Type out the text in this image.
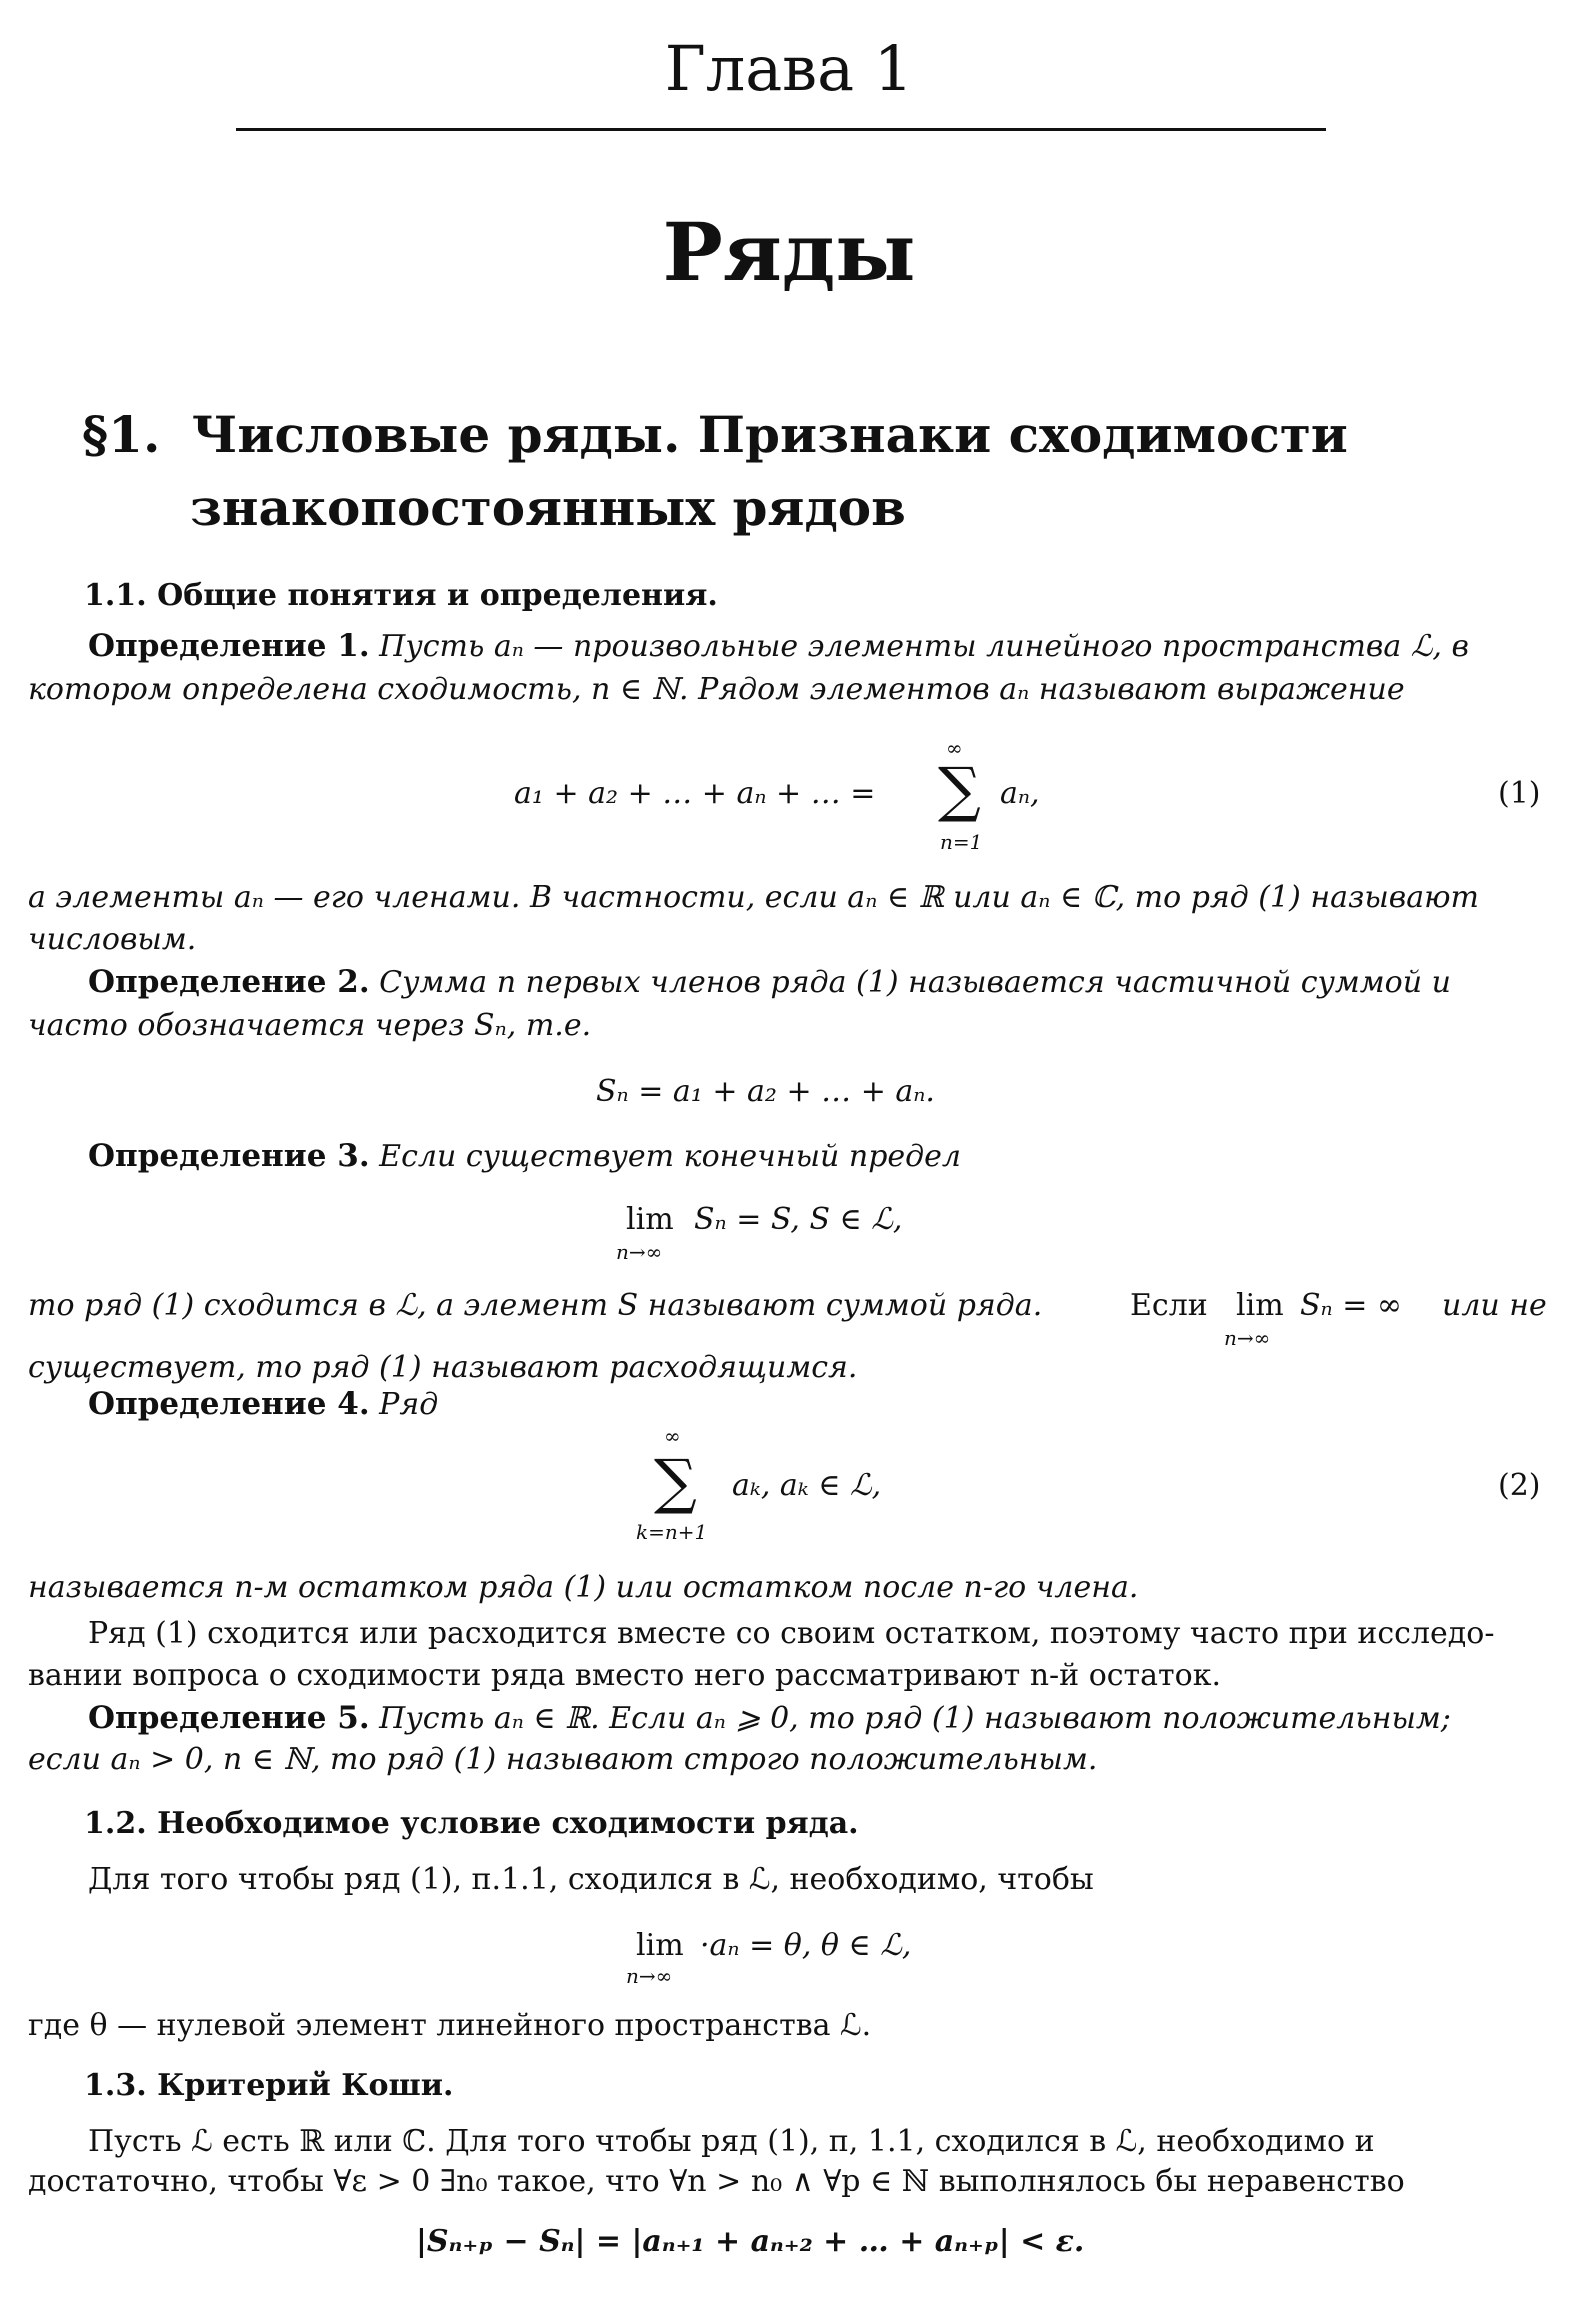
Глава 1
Ряды
§1. Числовые ряды. Признаки сходимости
знакопостоянных рядов
1.1. Общие понятия и определения.
Определение 1. Пусть aₙ — произвольные элементы линейного пространства ℒ, в
котором определена сходимость, n ∈ ℕ. Рядом элементов aₙ называют выражение
∞
a₁ + a₂ + … + aₙ + … = ∑ aₙ,
n=1
(1)
а элементы aₙ — его членами. В частности, если aₙ ∈ ℝ или aₙ ∈ ℂ, то ряд (1) называют
числовым.
Определение 2. Сумма n первых членов ряда (1) называется частичной суммой и
часто обозначается через Sₙ, т.е.
Sₙ = a₁ + a₂ + … + aₙ.
Определение 3. Если существует конечный предел
lim Sₙ = S, S ∈ ℒ,
n→∞
то ряд (1) сходится в ℒ, а элемент S называют суммой ряда.	Если lim Sₙ = ∞ или не
n→∞
существует, то ряд (1) называют расходящимся.
Определение 4. Ряд
∞
∑ aₖ, aₖ ∈ ℒ,
k=n+1
(2)
называется n-м остатком ряда (1) или остатком после n-го члена.
Ряд (1) сходится или расходится вместе со своим остатком, поэтому часто при исследо-
вании вопроса о сходимости ряда вместо него рассматривают n-й остаток.
Определение 5. Пусть aₙ ∈ ℝ. Если aₙ ⩾ 0, то ряд (1) называют положительным;
если aₙ > 0, n ∈ ℕ, то ряд (1) называют строго положительным.
1.2. Необходимое условие сходимости ряда.
Для того чтобы ряд (1), п.1.1, сходился в ℒ, необходимо, чтобы
lim ·aₙ = θ, θ ∈ ℒ,
n→∞
где θ — нулевой элемент линейного пространства ℒ.
1.3. Критерий Коши.
Пусть ℒ есть ℝ или ℂ. Для того чтобы ряд (1), п, 1.1, сходился в ℒ, необходимо и
достаточно, чтобы ∀ε > 0 ∃n₀ такое, что ∀n > n₀ ∧ ∀p ∈ ℕ выполнялось бы неравенство
|Sₙ₊ₚ − Sₙ| = |aₙ₊₁ + aₙ₊₂ + … + aₙ₊ₚ| < ε.
